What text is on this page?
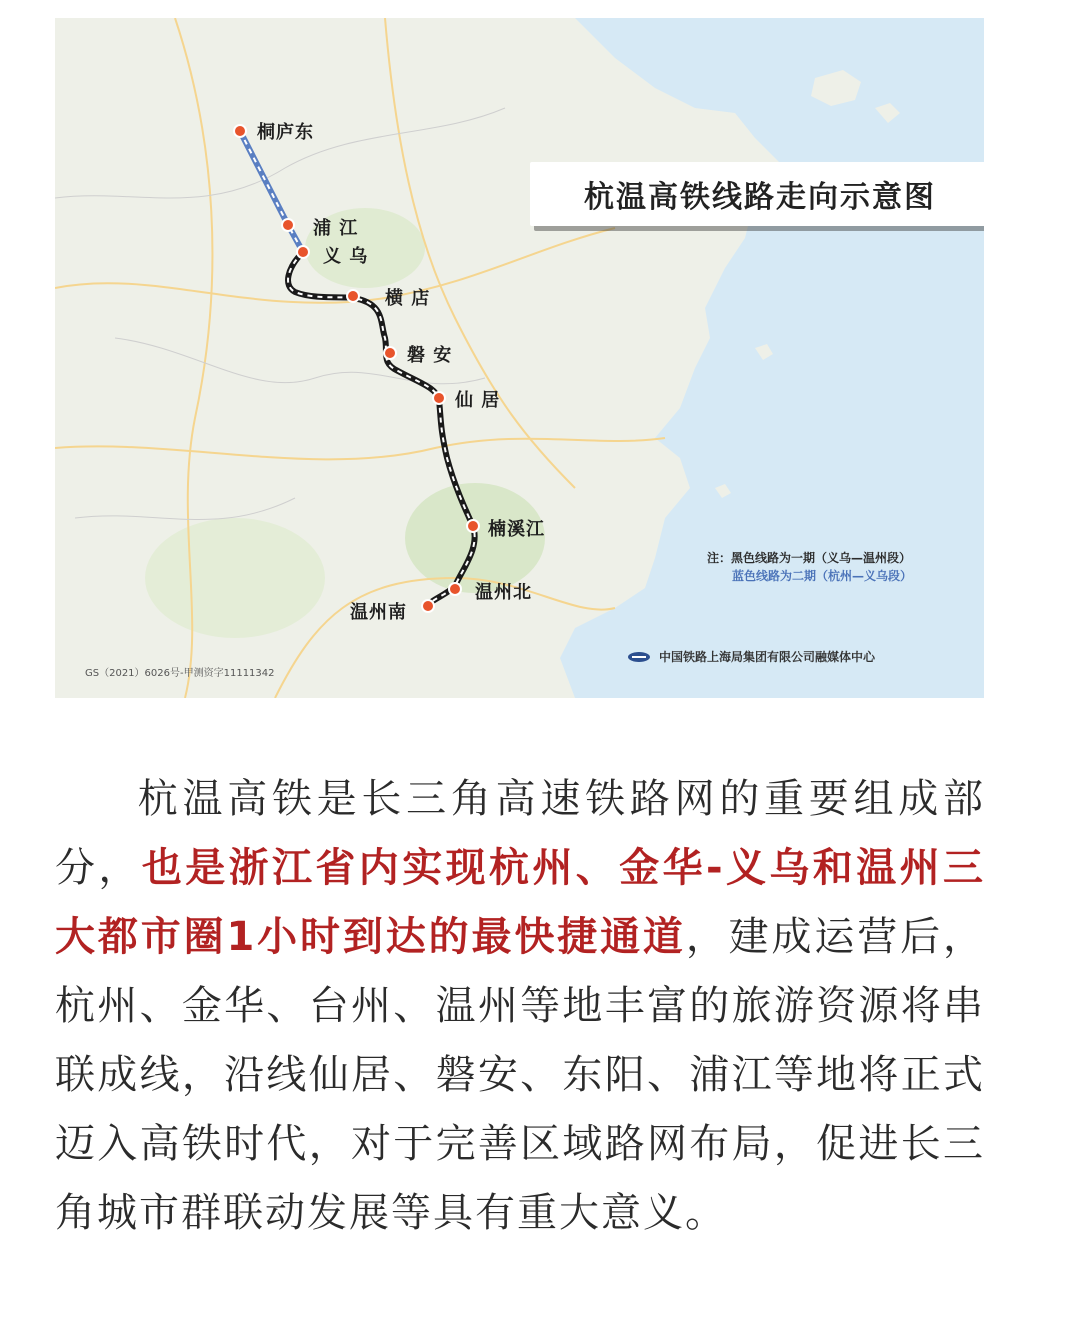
杭温高铁线路走向示意图
桐庐东
浦 江
义 乌
横 店
磐 安
仙 居
楠溪江
温州北
温州南
注：黑色线路为一期（义乌—温州段）
蓝色线路为二期（杭州—义乌段）
中国铁路上海局集团有限公司融媒体中心
GS（2021）6026号-甲测资字11111342
杭温高铁是长三角高速铁路网的重要组成部分，也是浙江省内实现杭州、金华-义乌和温州三大都市圈1小时到达的最快捷通道，建成运营后，杭州、金华、台州、温州等地丰富的旅游资源将串联成线，沿线仙居、磐安、东阳、浦江等地将正式迈入高铁时代，对于完善区域路网布局，促进长三角城市群联动发展等具有重大意义。
